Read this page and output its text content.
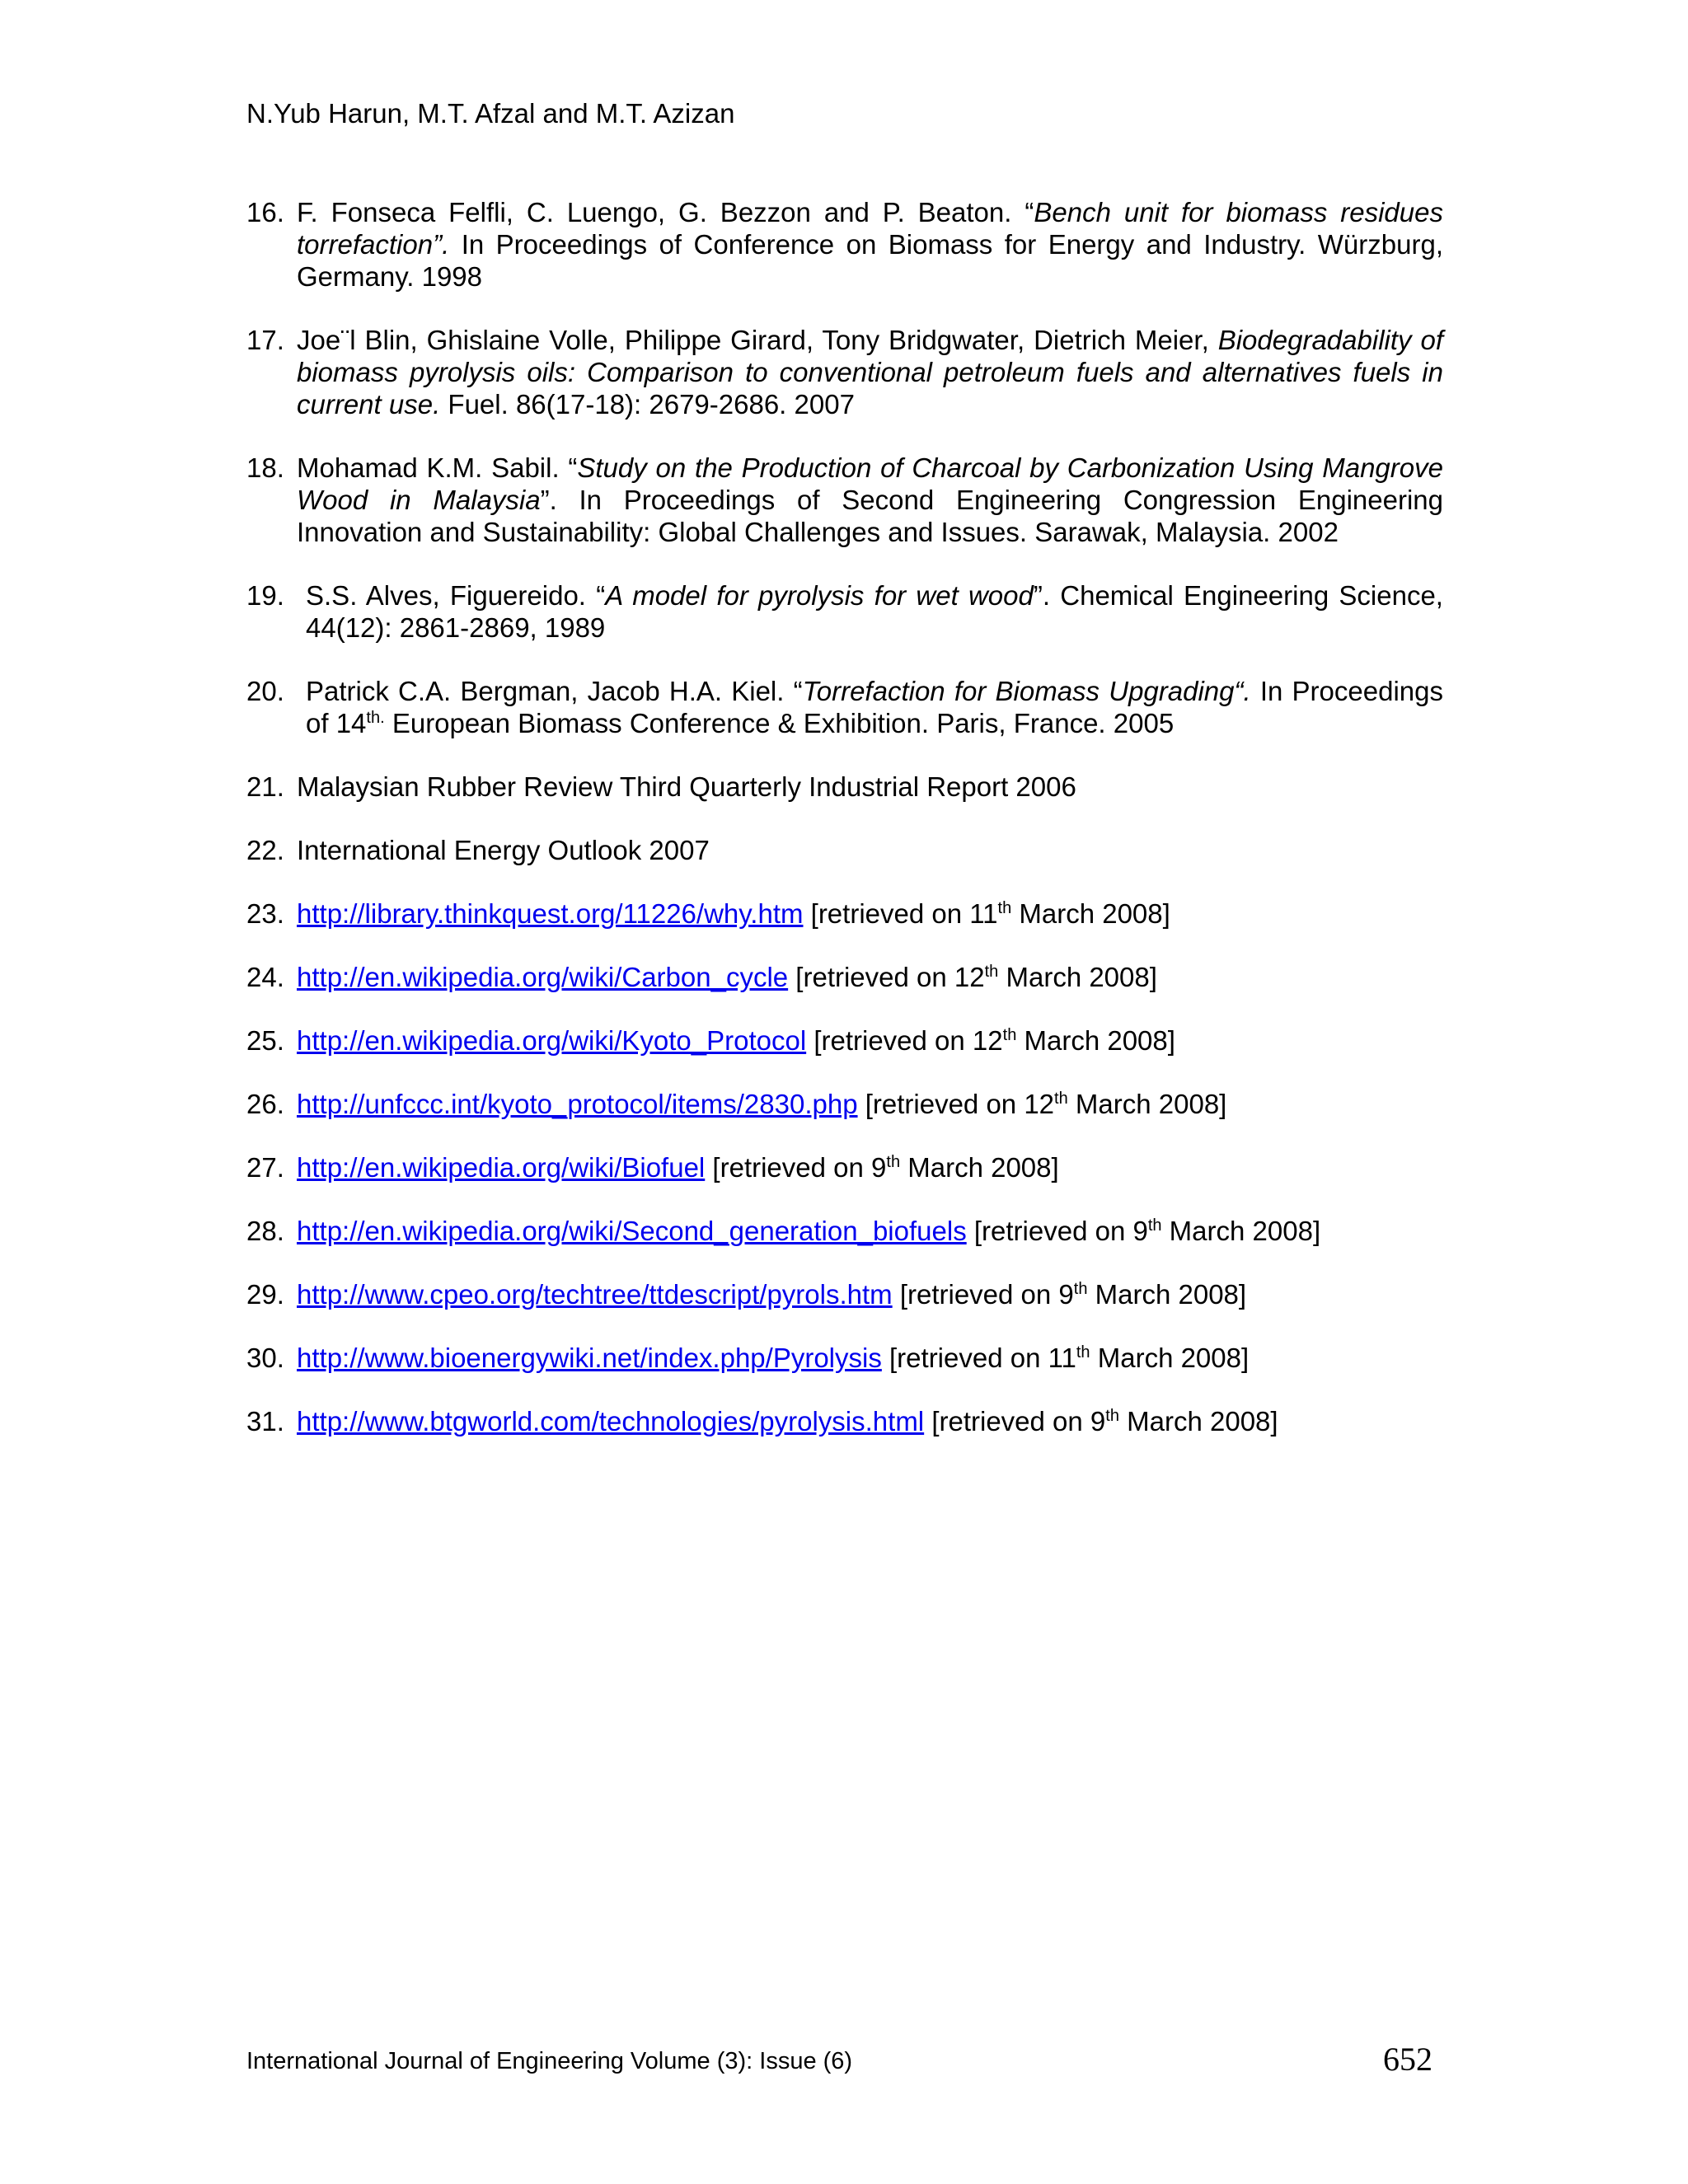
N.Yub Harun, M.T. Afzal and M.T. Azizan
16. F. Fonseca Felfli, C. Luengo, G. Bezzon and P. Beaton. “Bench unit for biomass residues torrefaction”. In Proceedings of Conference on Biomass for Energy and Industry. Würzburg, Germany. 1998
17. Joe¨l Blin, Ghislaine Volle, Philippe Girard, Tony Bridgwater, Dietrich Meier, Biodegradability of biomass pyrolysis oils: Comparison to conventional petroleum fuels and alternatives fuels in current use. Fuel. 86(17-18): 2679-2686. 2007
18. Mohamad K.M. Sabil. “Study on the Production of Charcoal by Carbonization Using Mangrove Wood in Malaysia”. In Proceedings of Second Engineering Congression Engineering Innovation and Sustainability: Global Challenges and Issues. Sarawak, Malaysia. 2002
19. S.S. Alves, Figuereido. “A model for pyrolysis for wet wood”. Chemical Engineering Science, 44(12): 2861-2869, 1989
20. Patrick C.A. Bergman, Jacob H.A. Kiel. “Torrefaction for Biomass Upgrading“. In Proceedings of $14^{th.}$ European Biomass Conference & Exhibition. Paris, France. 2005
21. Malaysian Rubber Review Third Quarterly Industrial Report 2006
22. International Energy Outlook 2007
23. http://library.thinkquest.org/11226/why.htm [retrieved on 11th March 2008]
24. http://en.wikipedia.org/wiki/Carbon_cycle [retrieved on 12th March 2008]
25. http://en.wikipedia.org/wiki/Kyoto_Protocol [retrieved on 12th March 2008]
26. http://unfccc.int/kyoto_protocol/items/2830.php [retrieved on 12th March 2008]
27. http://en.wikipedia.org/wiki/Biofuel [retrieved on 9th March 2008]
28. http://en.wikipedia.org/wiki/Second_generation_biofuels [retrieved on 9th March 2008]
29. http://www.cpeo.org/techtree/ttdescript/pyrols.htm [retrieved on 9th March 2008]
30. http://www.bioenergywiki.net/index.php/Pyrolysis [retrieved on 11th March 2008]
31. http://www.btgworld.com/technologies/pyrolysis.html [retrieved on 9th March 2008]
International Journal of Engineering Volume (3): Issue (6)	652
